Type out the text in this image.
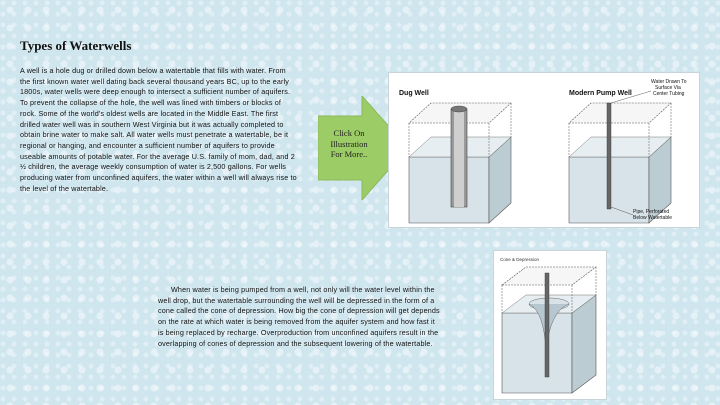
Types of Waterwells
A well is a hole dug or drilled down below a watertable that fills with water. From the first known water well dating back several thousand years BC, up to the early 1800s, water wells were deep enough to intersect a sufficient number of aquifers. To prevent the collapse of the hole, the well was lined with timbers or blocks of rock. Some of the world's oldest wells are located in the Middle East. The first drilled water well was in southern West Virginia but it was actually completed to obtain brine water to make salt. All water wells must penetrate a watertable, be it regional or hanging, and encounter a sufficient number of aquifers to provide useable amounts of potable water. For the average U.S. family of mom, dad, and 2 ½ children, the average weekly consumption of water is 2,500 gallons. For wells producing water from unconfined aquifers, the water within a well will always rise to the level of the watertable.
Click On
Illustration
For More..
Dug Well	Modern Pump Well
Water Drawn To
Surface Via
Center Tubing
Pipe, Perforated
Below Watertable
When water is being pumped from a well, not only will the water level within the well drop, but the watertable surrounding the well will be depressed in the form of a cone called the cone of depression. How big the cone of depression will get depends on the rate at which water is being removed from the aquifer system and how fast it is being replaced by recharge. Overproduction from unconfined aquifers result in the overlapping of cones of depression and the subsequent lowering of the watertable.
Cone & Depression
